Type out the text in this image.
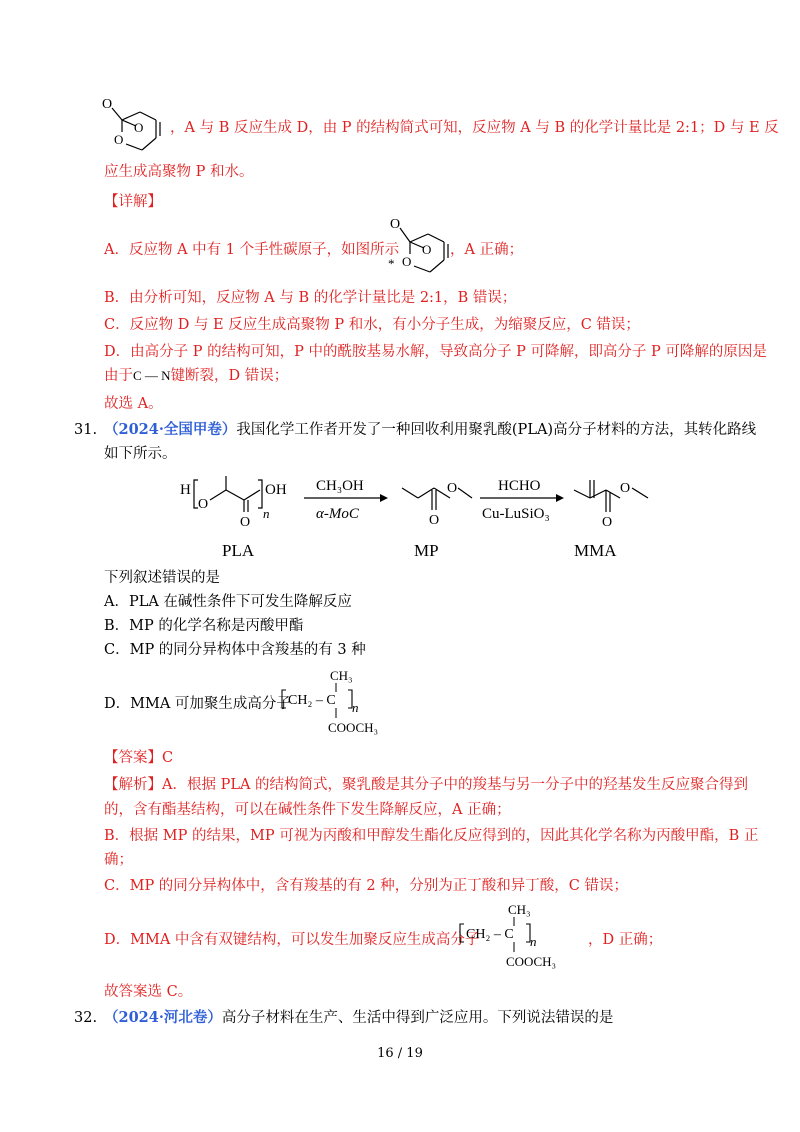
O
O
O ，A 与 B 反应生成 D，由 P 的结构简式可知，反应物 A 与 B 的化学计量比是 2:1；D 与 E 反
应生成高聚物 P 和水。
【详解】
A．反应物 A 中有 1 个手性碳原子，如图所示
O
O
O
*
，A 正确；
B．由分析可知，反应物 A 与 B 的化学计量比是 2:1，B 错误；
C．反应物 D 与 E 反应生成高聚物 P 和水，有小分子生成，为缩聚反应，C 错误；
D．由高分子 P 的结构可知，P 中的酰胺基易水解，导致高分子 P 可降解，即高分子 P 可降解的原因是
由于C — N键断裂，D 错误；
故选 A。
31. （2024·全国甲卷）我国化学工作者开发了一种回收利用聚乳酸(PLA)高分子材料的方法，其转化路线
如下所示。
H
O
O
OH
n
CH₃OH
α-MoC	O
O	HCHO
Cu-LuSiO₃
O
O
PLA	MP	MMA
下列叙述错误的是
A．PLA 在碱性条件下可发生降解反应
B．MP 的化学名称是丙酸甲酯
C．MP 的同分异构体中含羧基的有 3 种
D．MMA 可加聚生成高分子
CH₃
CH₂ – C n
COOCH₃
【答案】C
【解析】A．根据 PLA 的结构简式，聚乳酸是其分子中的羧基与另一分子中的羟基发生反应聚合得到
的，含有酯基结构，可以在碱性条件下发生降解反应，A 正确；
B．根据 MP 的结果，MP 可视为丙酸和甲醇发生酯化反应得到的，因此其化学名称为丙酸甲酯，B 正
确；
C．MP 的同分异构体中，含有羧基的有 2 种，分别为正丁酸和异丁酸，C 错误；
D．MMA 中含有双键结构，可以发生加聚反应生成高分子
CH₃
CH₂ – C n
COOCH₃
，D 正确；
故答案选 C。
32. （2024·河北卷）高分子材料在生产、生活中得到广泛应用。下列说法错误的是
16 / 19
